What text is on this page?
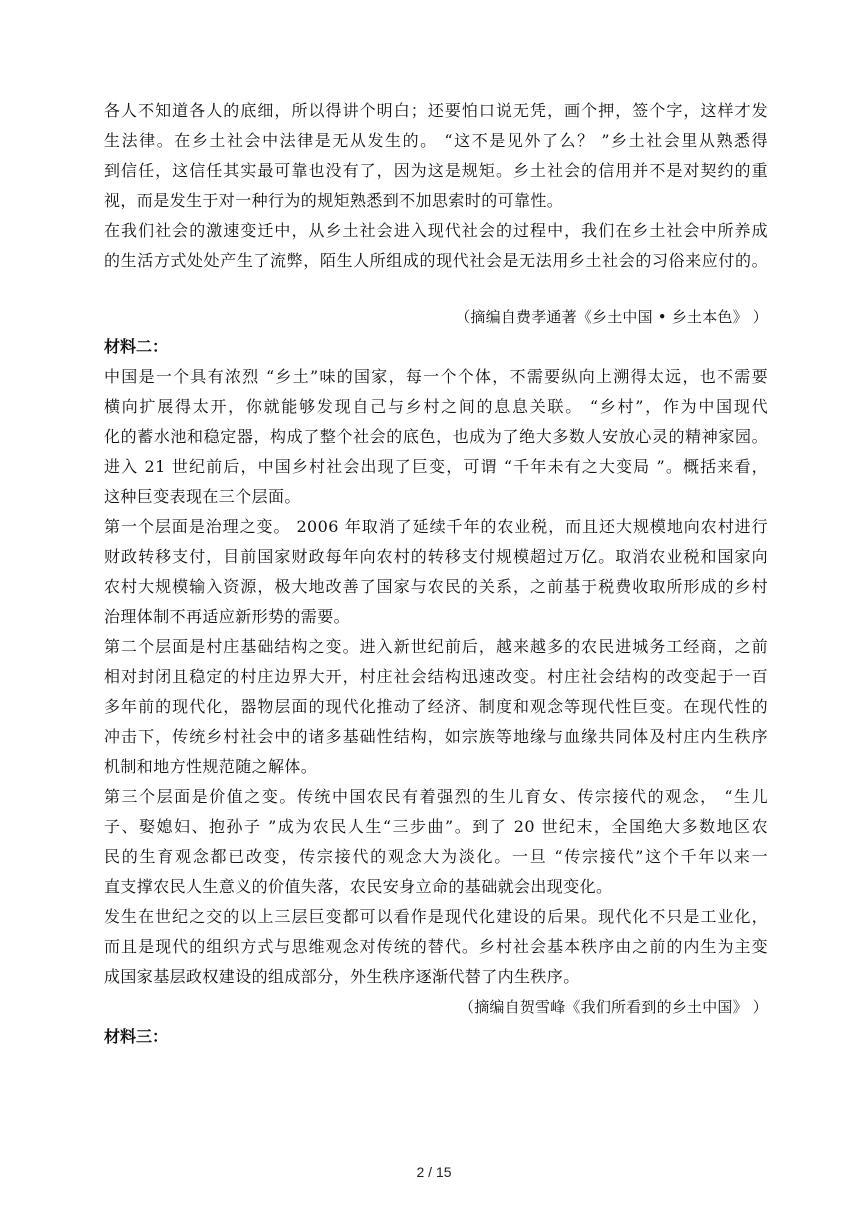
各人不知道各人的底细，所以得讲个明白；还要怕口说无凭，画个押，签个字，这样才发
生法律。在乡土社会中法律是无从发生的。 “这不是见外了么？ ”乡土社会里从熟悉得
到信任，这信任其实最可靠也没有了，因为这是规矩。乡土社会的信用并不是对契约的重
视，而是发生于对一种行为的规矩熟悉到不加思索时的可靠性。
在我们社会的激速变迁中，从乡土社会进入现代社会的过程中，我们在乡土社会中所养成
的生活方式处处产生了流弊，陌生人所组成的现代社会是无法用乡土社会的习俗来应付的。
（摘编自费孝通著《乡土中国 • 乡土本色》 ）
材料二：
中国是一个具有浓烈 “乡土”味的国家，每一个个体，不需要纵向上溯得太远，也不需要
横向扩展得太开，你就能够发现自己与乡村之间的息息关联。 “乡村”，作为中国现代
化的蓄水池和稳定器，构成了整个社会的底色，也成为了绝大多数人安放心灵的精神家园。
进入 21 世纪前后，中国乡村社会出现了巨变，可谓 “千年未有之大变局 ”。概括来看，
这种巨变表现在三个层面。
第一个层面是治理之变。 2006 年取消了延续千年的农业税，而且还大规模地向农村进行
财政转移支付，目前国家财政每年向农村的转移支付规模超过万亿。取消农业税和国家向
农村大规模输入资源，极大地改善了国家与农民的关系，之前基于税费收取所形成的乡村
治理体制不再适应新形势的需要。
第二个层面是村庄基础结构之变。进入新世纪前后，越来越多的农民进城务工经商，之前
相对封闭且稳定的村庄边界大开，村庄社会结构迅速改变。村庄社会结构的改变起于一百
多年前的现代化，器物层面的现代化推动了经济、制度和观念等现代性巨变。在现代性的
冲击下，传统乡村社会中的诸多基础性结构，如宗族等地缘与血缘共同体及村庄内生秩序
机制和地方性规范随之解体。
第三个层面是价值之变。传统中国农民有着强烈的生儿育女、传宗接代的观念， “生儿
子、娶媳妇、抱孙子 ”成为农民人生“三步曲”。到了 20 世纪末，全国绝大多数地区农
民的生育观念都已改变，传宗接代的观念大为淡化。一旦 “传宗接代”这个千年以来一
直支撑农民人生意义的价值失落，农民安身立命的基础就会出现变化。
发生在世纪之交的以上三层巨变都可以看作是现代化建设的后果。现代化不只是工业化，
而且是现代的组织方式与思维观念对传统的替代。乡村社会基本秩序由之前的内生为主变
成国家基层政权建设的组成部分，外生秩序逐渐代替了内生秩序。
（摘编自贺雪峰《我们所看到的乡土中国》 ）
材料三：
2 / 15
